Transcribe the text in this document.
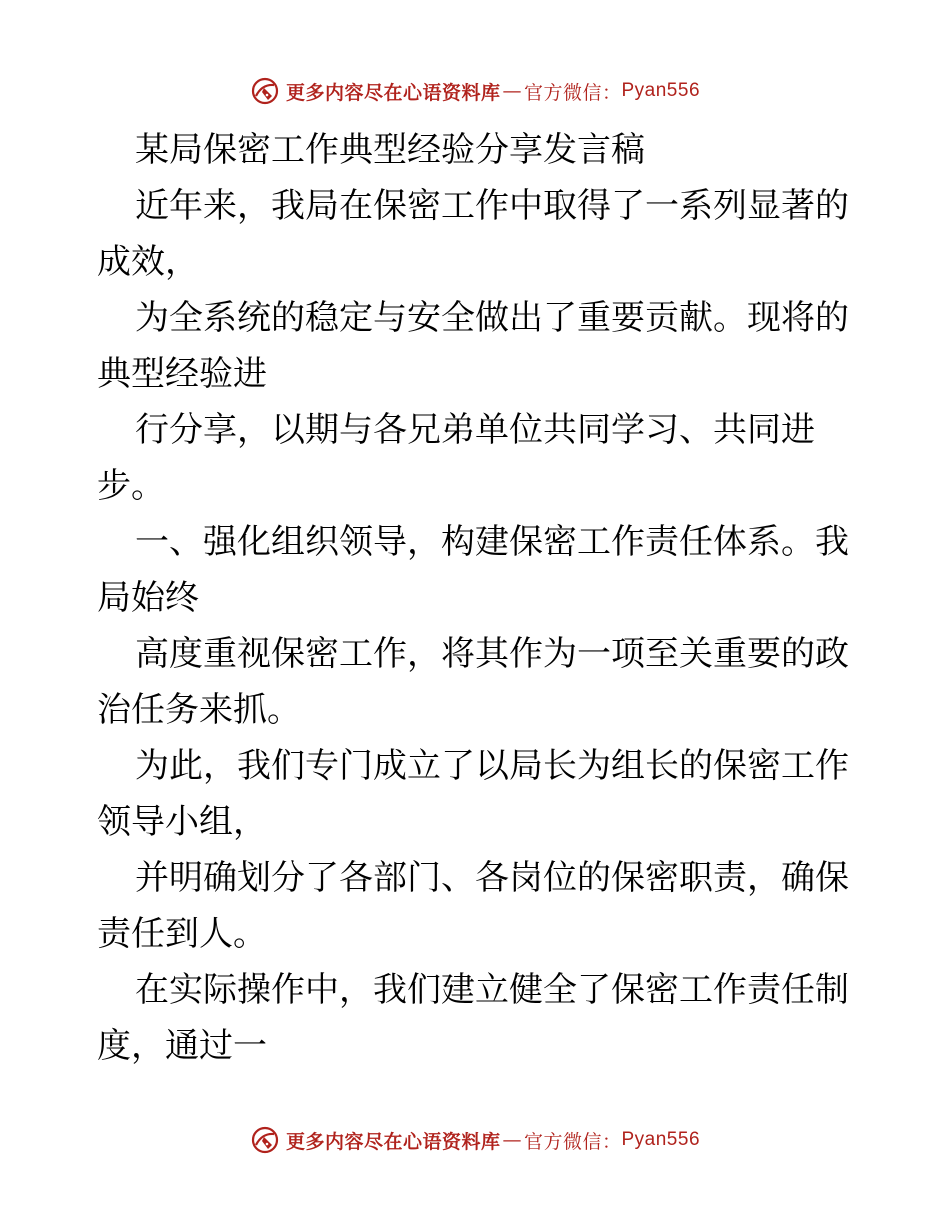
更多内容尽在心语资料库 — 官方微信： Pyan556

某局保密工作典型经验分享发言稿

近年来，我局在保密工作中取得了一系列显著的成效，

为全系统的稳定与安全做出了重要贡献。现将的典型经验进

行分享，以期与各兄弟单位共同学习、共同进步。

一、强化组织领导，构建保密工作责任体系。我局始终

高度重视保密工作，将其作为一项至关重要的政治任务来抓。

为此，我们专门成立了以局长为组长的保密工作领导小组，

并明确划分了各部门、各岗位的保密职责，确保责任到人。

在实际操作中，我们建立健全了保密工作责任制度，通过一

更多内容尽在心语资料库 — 官方微信： Pyan556
